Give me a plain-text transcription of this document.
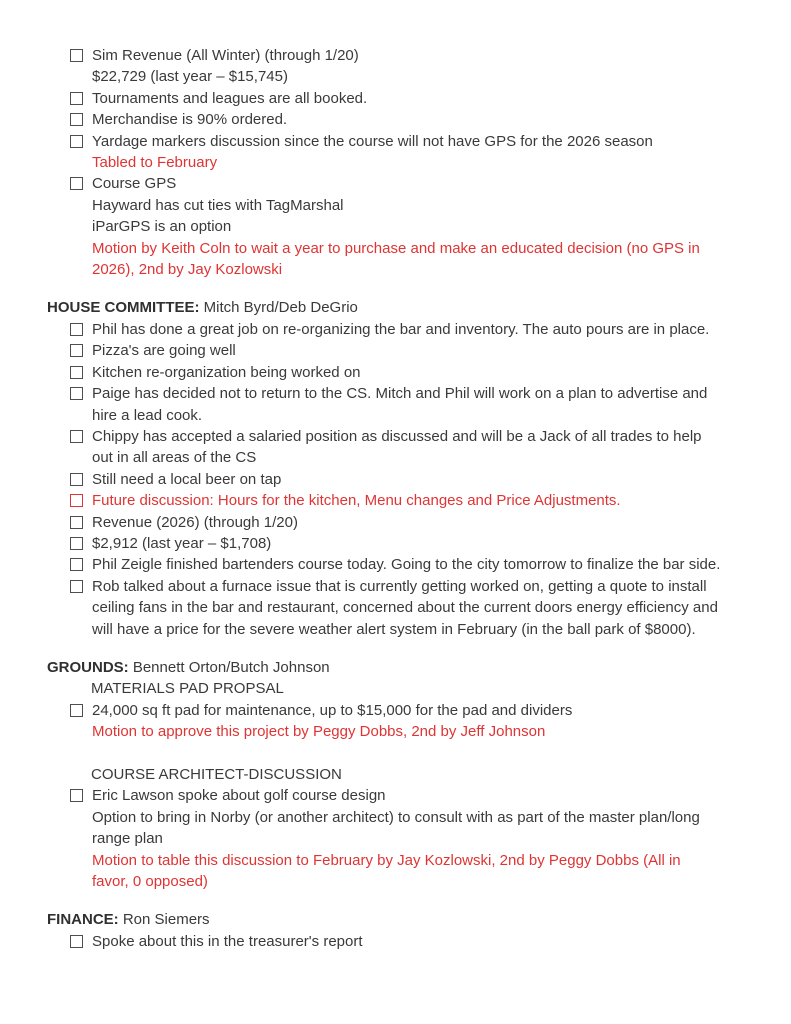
Sim Revenue (All Winter) (through 1/20)
$22,729 (last year – $15,745)
Tournaments and leagues are all booked.
Merchandise is 90% ordered.
Yardage markers discussion since the course will not have GPS for the 2026 season
Tabled to February
Course GPS
Hayward has cut ties with TagMarshal
iParGPS is an option
Motion by Keith Coln to wait a year to purchase and make an educated decision (no GPS in
2026), 2nd by Jay Kozlowski
HOUSE COMMITTEE: Mitch Byrd/Deb DeGrio
Phil has done a great job on re-organizing the bar and inventory. The auto pours are in place.
Pizza's are going well
Kitchen re-organization being worked on
Paige has decided not to return to the CS. Mitch and Phil will work on a plan to advertise and
hire a lead cook.
Chippy has accepted a salaried position as discussed and will be a Jack of all trades to help
out in all areas of the CS
Still need a local beer on tap
Future discussion: Hours for the kitchen, Menu changes and Price Adjustments.
Revenue (2026) (through 1/20)
$2,912 (last year – $1,708)
Phil Zeigle finished bartenders course today. Going to the city tomorrow to finalize the bar side.
Rob talked about a furnace issue that is currently getting worked on, getting a quote to install
ceiling fans in the bar and restaurant, concerned about the current doors energy efficiency and
will have a price for the severe weather alert system in February (in the ball park of $8000).
GROUNDS: Bennett Orton/Butch Johnson
MATERIALS PAD PROPSAL
24,000 sq ft pad for maintenance, up to $15,000 for the pad and dividers
Motion to approve this project by Peggy Dobbs, 2nd by Jeff Johnson
COURSE ARCHITECT-DISCUSSION
Eric Lawson spoke about golf course design
Option to bring in Norby (or another architect) to consult with as part of the master plan/long
range plan
Motion to table this discussion to February by Jay Kozlowski, 2nd by Peggy Dobbs (All in
favor, 0 opposed)
FINANCE: Ron Siemers
Spoke about this in the treasurer's report
